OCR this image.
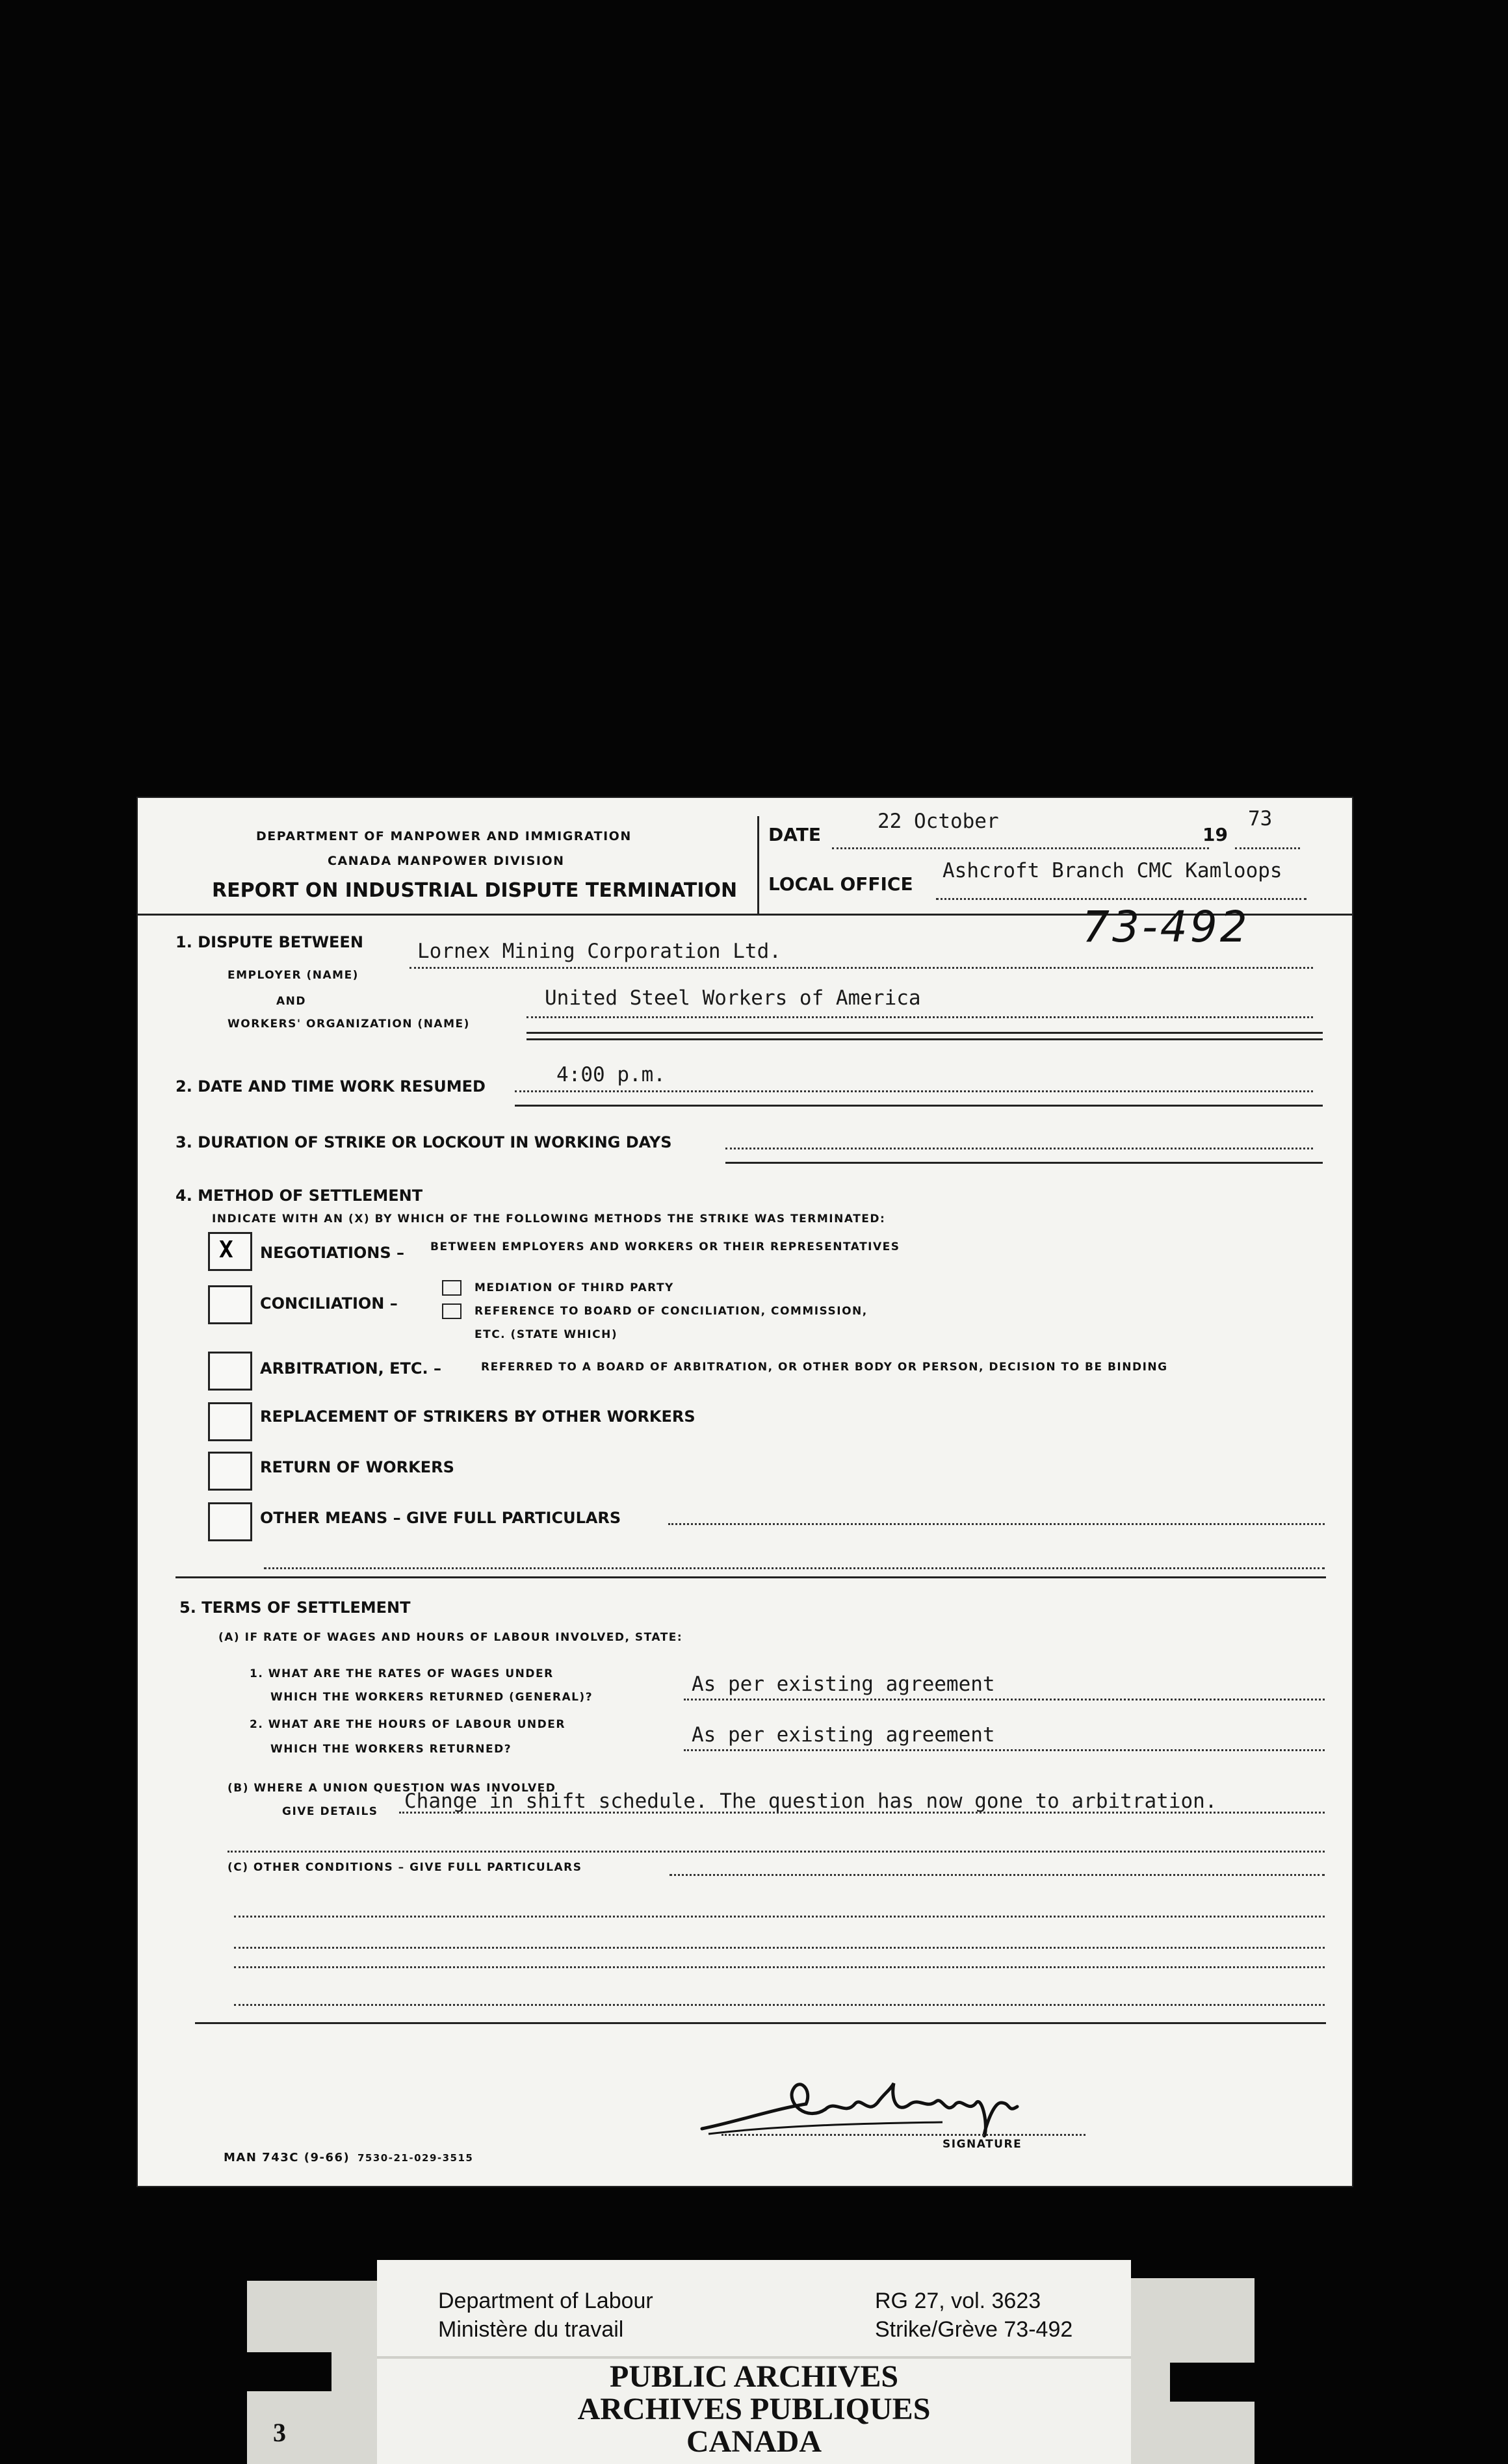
DEPARTMENT OF MANPOWER AND IMMIGRATION
CANADA MANPOWER DIVISION
REPORT ON INDUSTRIAL DISPUTE TERMINATION
DATE
22 October
19
73
LOCAL OFFICE
Ashcroft Branch CMC Kamloops
73-492
1. DISPUTE BETWEEN
EMPLOYER (NAME)
Lornex Mining Corporation Ltd.
AND
WORKERS' ORGANIZATION (NAME)
United Steel Workers of America
2. DATE AND TIME WORK RESUMED	4:00 p.m.
3. DURATION OF STRIKE OR LOCKOUT IN WORKING DAYS
4. METHOD OF SETTLEMENT
INDICATE WITH AN (X) BY WHICH OF THE FOLLOWING METHODS THE STRIKE WAS TERMINATED:
X NEGOTIATIONS – BETWEEN EMPLOYERS AND WORKERS OR THEIR REPRESENTATIVES
CONCILIATION –
MEDIATION OF THIRD PARTY
REFERENCE TO BOARD OF CONCILIATION, COMMISSION,
ETC. (STATE WHICH)
ARBITRATION, ETC. –	REFERRED TO A BOARD OF ARBITRATION, OR OTHER BODY OR PERSON, DECISION TO BE BINDING
REPLACEMENT OF STRIKERS BY OTHER WORKERS
RETURN OF WORKERS
OTHER MEANS – GIVE FULL PARTICULARS
5. TERMS OF SETTLEMENT
(A) IF RATE OF WAGES AND HOURS OF LABOUR INVOLVED, STATE:
1. WHAT ARE THE RATES OF WAGES UNDER
WHICH THE WORKERS RETURNED (GENERAL)?
As per existing agreement
2. WHAT ARE THE HOURS OF LABOUR UNDER
WHICH THE WORKERS RETURNED?
As per existing agreement
(B) WHERE A UNION QUESTION WAS INVOLVED
GIVE DETAILS Change in shift schedule. The question has now gone to arbitration.
(C) OTHER CONDITIONS – GIVE FULL PARTICULARS
SIGNATURE
MAN 743C (9-66) 7530-21-029-3515
3
Department of Labour
Ministère du travail
RG 27, vol. 3623
Strike/Grève 73-492
PUBLIC ARCHIVES
ARCHIVES PUBLIQUES
CANADA
